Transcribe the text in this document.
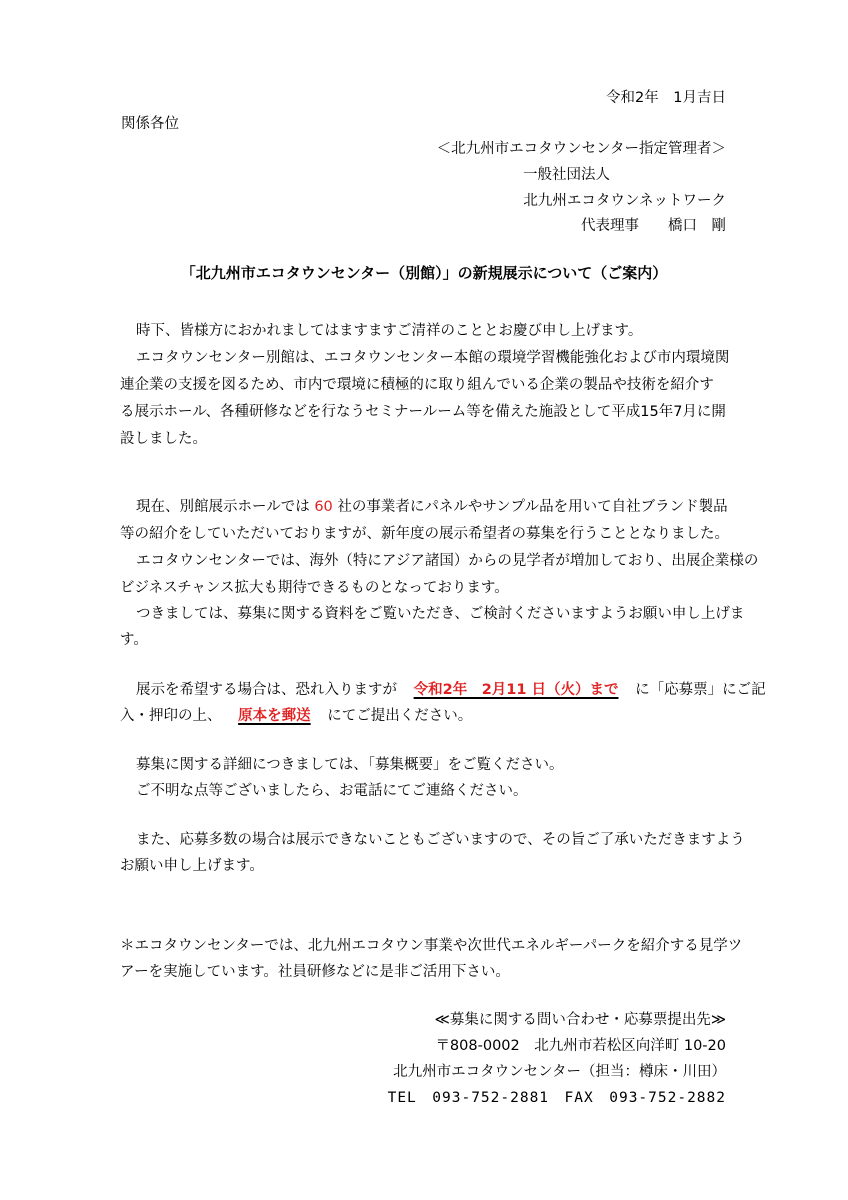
令和2年　1月吉日
関係各位
＜北九州市エコタウンセンター指定管理者＞
一般社団法人
北九州エコタウンネットワーク
代表理事　　橋口　剛
「北九州市エコタウンセンター（別館）」の新規展示について（ご案内）
時下、皆様方におかれましてはますますご清祥のこととお慶び申し上げます。
エコタウンセンター別館は、エコタウンセンター本館の環境学習機能強化および市内環境関
連企業の支援を図るため、市内で環境に積極的に取り組んでいる企業の製品や技術を紹介す
る展示ホール、各種研修などを行なうセミナールーム等を備えた施設として平成15年7月に開
設しました。
現在、別館展示ホールでは 60 社の事業者にパネルやサンプル品を用いて自社ブランド製品
等の紹介をしていただいておりますが、新年度の展示希望者の募集を行うこととなりました。
エコタウンセンターでは、海外（特にアジア諸国）からの見学者が増加しており、出展企業様の
ビジネスチャンス拡大も期待できるものとなっております。
つきましては、募集に関する資料をご覧いただき、ご検討くださいますようお願い申し上げま
す。
展示を希望する場合は、恐れ入りますが 令和2年　2月11 日（火）まで に「応募票」にご記
入・押印の上、 原本を郵送 にてご提出ください。
募集に関する詳細につきましては、「募集概要」をご覧ください。
ご不明な点等ございましたら、お電話にてご連絡ください。
また、応募多数の場合は展示できないこともございますので、その旨ご了承いただきますよう
お願い申し上げます。
＊エコタウンセンターでは、北九州エコタウン事業や次世代エネルギーパークを紹介する見学ツ
アーを実施しています。社員研修などに是非ご活用下さい。
≪募集に関する問い合わせ・応募票提出先≫
〒808-0002　北九州市若松区向洋町 10-20
北九州市エコタウンセンター（担当：樽床・川田）
TEL　093-752-2881　FAX　093-752-2882
